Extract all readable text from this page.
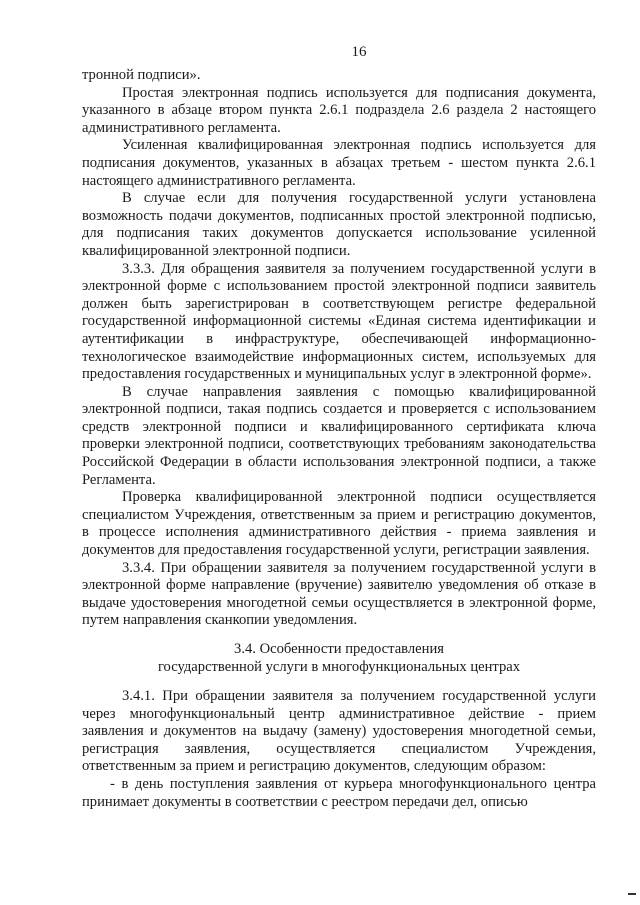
16

тронной подписи».

Простая электронная подпись используется для подписания документа, указанного в абзаце втором пункта 2.6.1 подраздела 2.6 раздела 2 настоящего административного регламента.

Усиленная квалифицированная электронная подпись используется для подписания документов, указанных в абзацах третьем - шестом пункта 2.6.1 настоящего административного регламента.

В случае если для получения государственной услуги установлена возможность подачи документов, подписанных простой электронной подписью, для подписания таких документов допускается использование усиленной квалифицированной электронной подписи.

3.3.3. Для обращения заявителя за получением государственной услуги в электронной форме с использованием простой электронной подписи заявитель должен быть зарегистрирован в соответствующем регистре федеральной государственной информационной системы «Единая система идентификации и аутентификации в инфраструктуре, обеспечивающей информационно-технологическое взаимодействие информационных систем, используемых для предоставления государственных и муниципальных услуг в электронной форме».

В случае направления заявления с помощью квалифицированной электронной подписи, такая подпись создается и проверяется с использованием средств электронной подписи и квалифицированного сертификата ключа проверки электронной подписи, соответствующих требованиям законодательства Российской Федерации в области использования электронной подписи, а также Регламента.

Проверка квалифицированной электронной подписи осуществляется специалистом Учреждения, ответственным за прием и регистрацию документов, в процессе исполнения административного действия - приема заявления и документов для предоставления государственной услуги, регистрации заявления.

3.3.4. При обращении заявителя за получением государственной услуги в электронной форме направление (вручение) заявителю уведомления об отказе в выдаче удостоверения многодетной семьи осуществляется в электронной форме, путем направления сканкопии уведомления.

3.4. Особенности предоставления
государственной услуги в многофункциональных центрах

3.4.1. При обращении заявителя за получением государственной услуги через многофункциональный центр административное действие - прием заявления и документов на выдачу (замену) удостоверения многодетной семьи, регистрация заявления, осуществляется специалистом Учреждения, ответственным за прием и регистрацию документов, следующим образом:

- в день поступления заявления от курьера многофункционального центра принимает документы в соответствии с реестром передачи дел, описью
